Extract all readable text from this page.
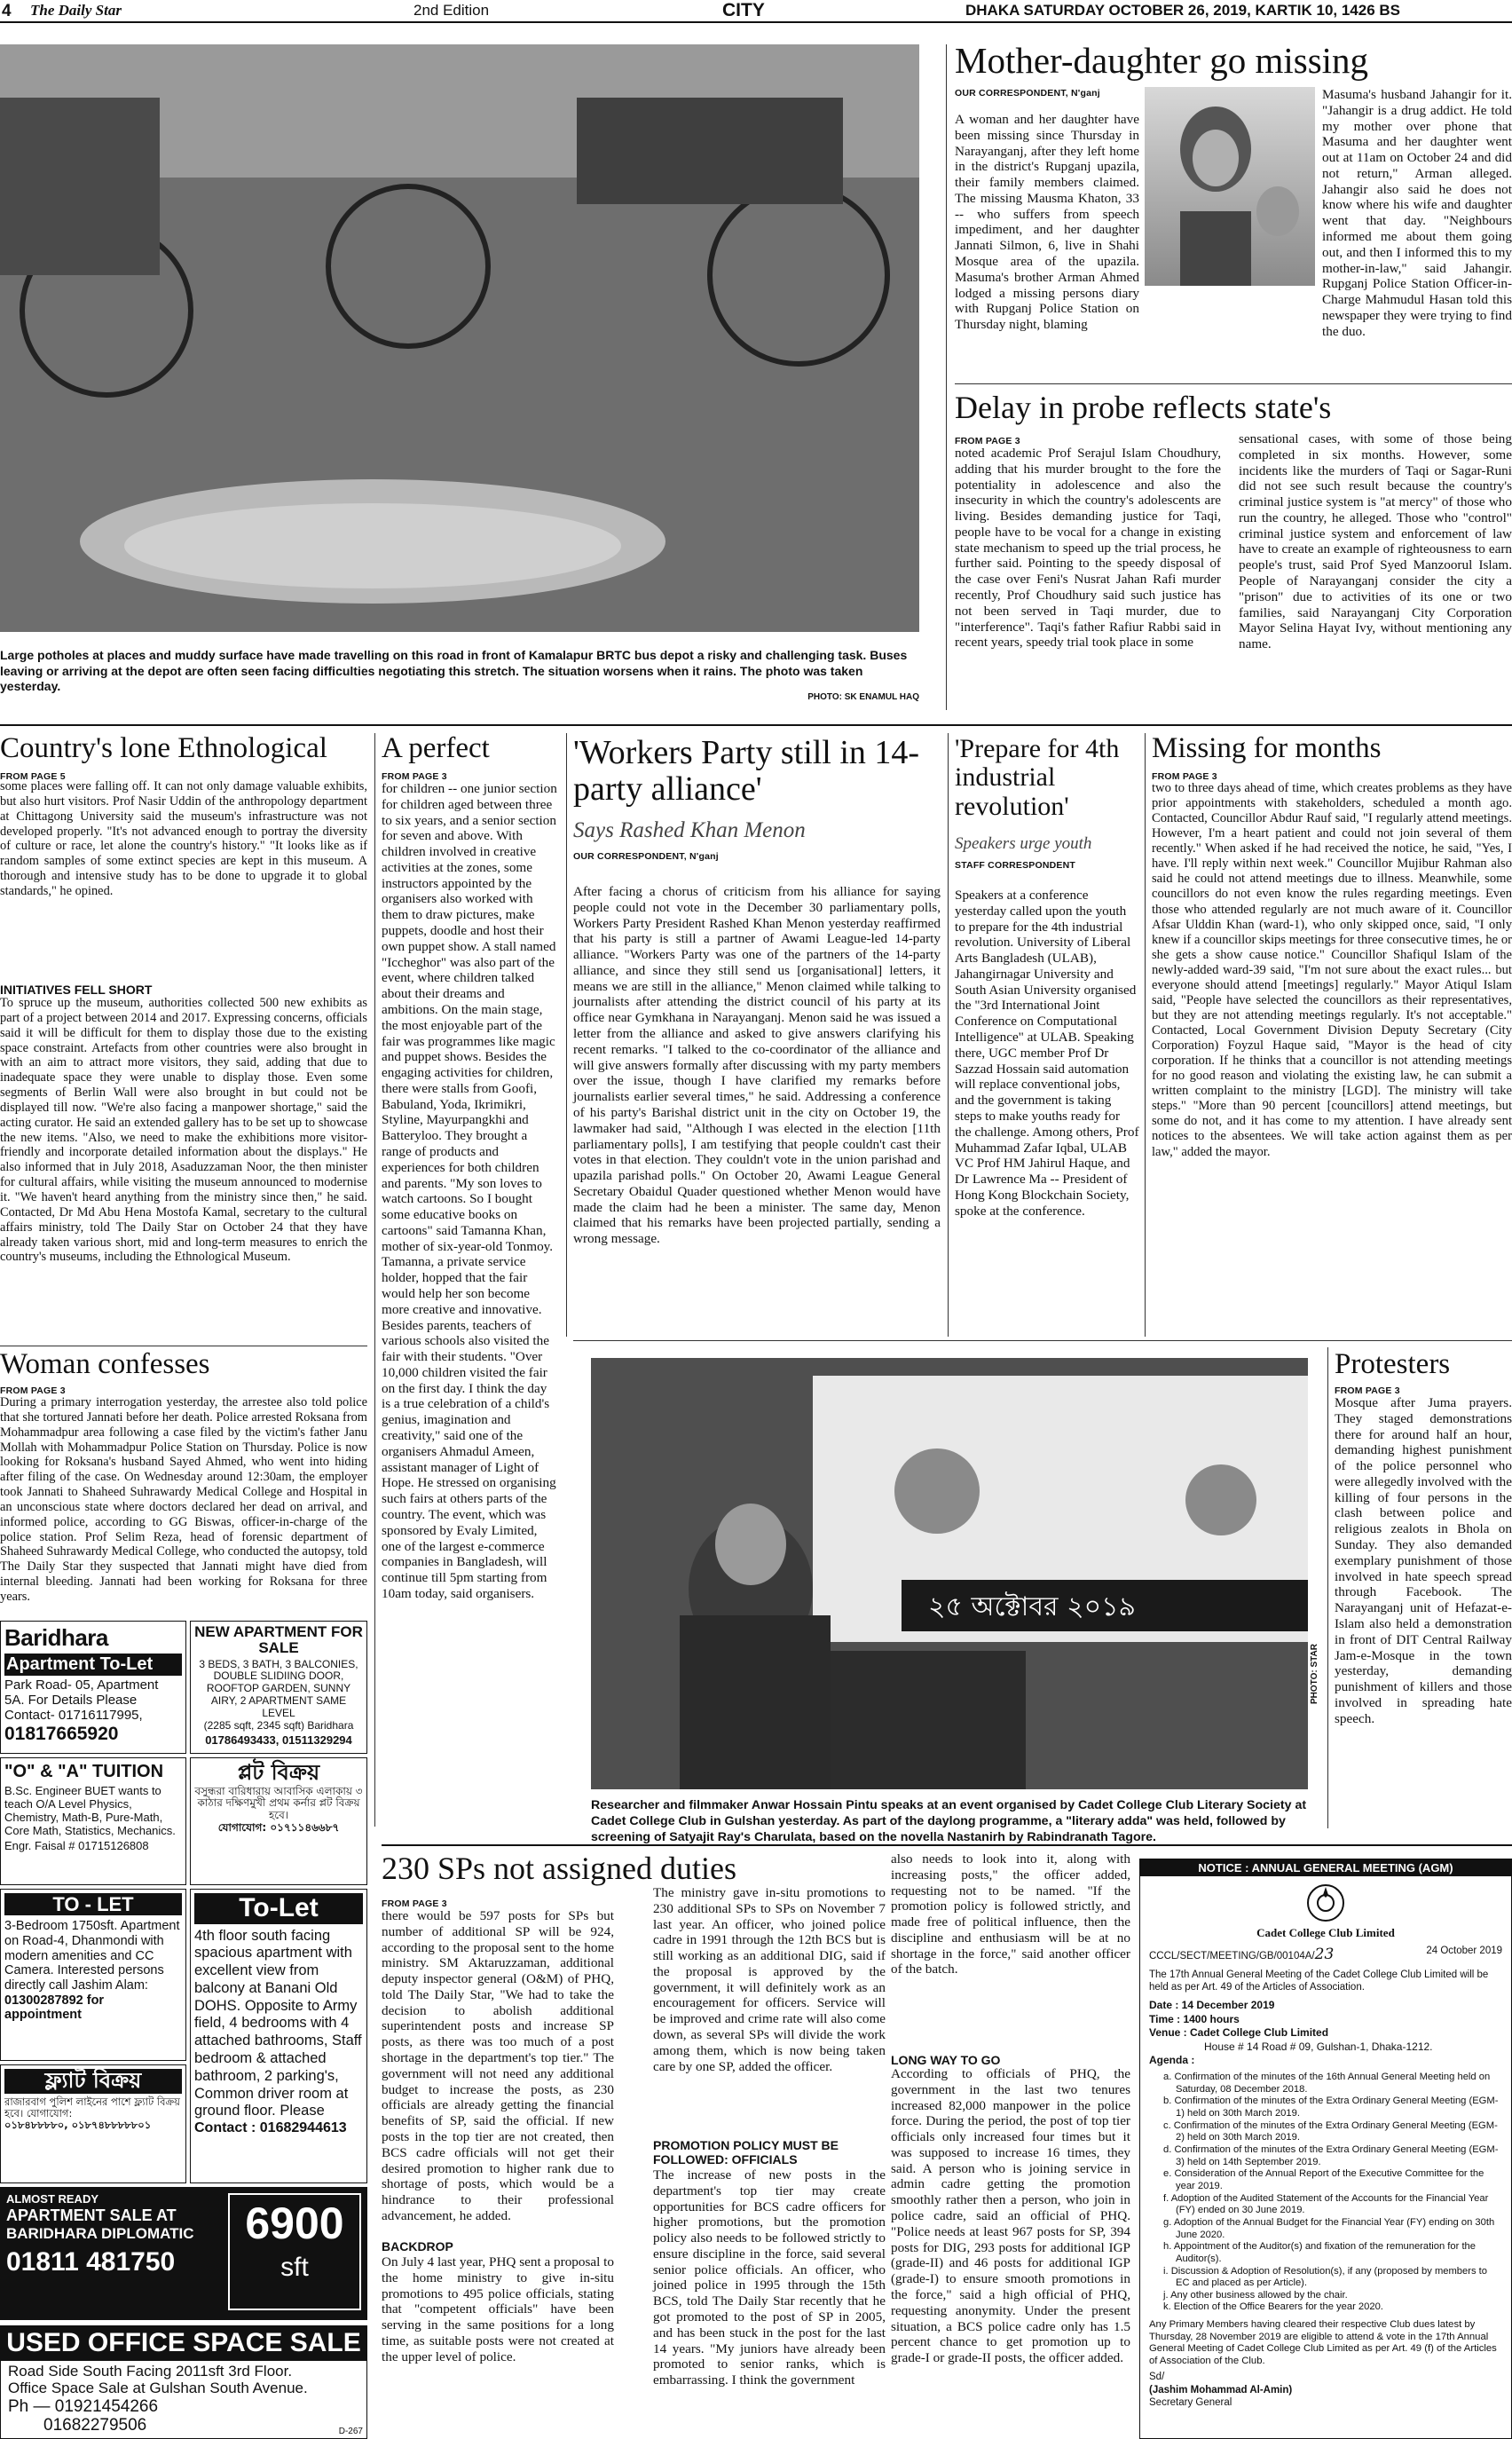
4 The Daily Star	2nd Edition	CITY	DHAKA SATURDAY OCTOBER 26, 2019, KARTIK 10, 1426 BS
Large potholes at places and muddy surface have made travelling on this road in front of Kamalapur BRTC bus depot a risky and challenging task. Buses leaving or arriving at the depot are often seen facing difficulties negotiating this stretch. The situation worsens when it rains. The photo was taken yesterday.
PHOTO: SK ENAMUL HAQ
Mother-daughter go missing
OUR CORRESPONDENT, N'ganj
A woman and her daughter have been missing since Thursday in Narayanganj, after they left home in the district's Rupganj upazila, their family members claimed. The missing Mausma Khaton, 33 -- who suffers from speech impediment, and her daughter Jannati Silmon, 6, live in Shahi Mosque area of the upazila. Masuma's brother Arman Ahmed lodged a missing persons diary with Rupganj Police Station on Thursday night, blaming
Masuma's husband Jahangir for it. "Jahangir is a drug addict. He told my mother over phone that Masuma and her daughter went out at 11am on October 24 and did not return," Arman alleged. Jahangir also said he does not know where his wife and daughter went that day. "Neighbours informed me about them going out, and then I informed this to my mother-in-law," said Jahangir. Rupganj Police Station Officer-in-Charge Mahmudul Hasan told this newspaper they were trying to find the duo.
Delay in probe reflects state's
FROM PAGE 3
noted academic Prof Serajul Islam Choudhury, adding that his murder brought to the fore the potentiality in adolescence and also the insecurity in which the country's adolescents are living. Besides demanding justice for Taqi, people have to be vocal for a change in existing state mechanism to speed up the trial process, he further said. Pointing to the speedy disposal of the case over Feni's Nusrat Jahan Rafi murder recently, Prof Choudhury said such justice has not been served in Taqi murder, due to "interference". Taqi's father Rafiur Rabbi said in recent years, speedy trial took place in some
sensational cases, with some of those being completed in six months. However, some incidents like the murders of Taqi or Sagar-Runi did not see such result because the country's criminal justice system is "at mercy" of those who run the country, he alleged. Those who "control" criminal justice system and enforcement of law have to create an example of righteousness to earn people's trust, said Prof Syed Manzoorul Islam. People of Narayanganj consider the city a "prison" due to activities of its one or two families, said Narayanganj City Corporation Mayor Selina Hayat Ivy, without mentioning any name.
Country's lone Ethnological
FROM PAGE 5
some places were falling off. It can not only damage valuable exhibits, but also hurt visitors. Prof Nasir Uddin of the anthropology department at Chittagong University said the museum's infrastructure was not developed properly. "It's not advanced enough to portray the diversity of culture or race, let alone the country's history." "It looks like as if random samples of some extinct species are kept in this museum. A thorough and intensive study has to be done to upgrade it to global standards," he opined.
INITIATIVES FELL SHORT
To spruce up the museum, authorities collected 500 new exhibits as part of a project between 2014 and 2017. Expressing concerns, officials said it will be difficult for them to display those due to the existing space constraint. Artefacts from other countries were also brought in with an aim to attract more visitors, they said, adding that due to inadequate space they were unable to display those. Even some segments of Berlin Wall were also brought in but could not be displayed till now. "We're also facing a manpower shortage," said the acting curator. He said an extended gallery has to be set up to showcase the new items. "Also, we need to make the exhibitions more visitor-friendly and incorporate detailed information about the displays." He also informed that in July 2018, Asaduzzaman Noor, the then minister for cultural affairs, while visiting the museum announced to modernise it. "We haven't heard anything from the ministry since then," he said. Contacted, Dr Md Abu Hena Mostofa Kamal, secretary to the cultural affairs ministry, told The Daily Star on October 24 that they have already taken various short, mid and long-term measures to enrich the country's museums, including the Ethnological Museum.
Woman confesses
FROM PAGE 3
During a primary interrogation yesterday, the arrestee also told police that she tortured Jannati before her death. Police arrested Roksana from Mohammadpur area following a case filed by the victim's father Janu Mollah with Mohammadpur Police Station on Thursday. Police is now looking for Roksana's husband Sayed Ahmed, who went into hiding after filing of the case. On Wednesday around 12:30am, the employer took Jannati to Shaheed Suhrawardy Medical College and Hospital in an unconscious state where doctors declared her dead on arrival, and informed police, according to GG Biswas, officer-in-charge of the police station. Prof Selim Reza, head of forensic department of Shaheed Suhrawardy Medical College, who conducted the autopsy, told The Daily Star they suspected that Jannati might have died from internal bleeding. Jannati had been working for Roksana for three years.
A perfect
FROM PAGE 3
for children -- one junior section for children aged between three to six years, and a senior section for seven and above. With children involved in creative activities at the zones, some instructors appointed by the organisers also worked with them to draw pictures, make puppets, doodle and host their own puppet show. A stall named "Iccheghor" was also part of the event, where children talked about their dreams and ambitions. On the main stage, the most enjoyable part of the fair was programmes like magic and puppet shows. Besides the engaging activities for children, there were stalls from Goofi, Babuland, Yoda, Ikrimikri, Styline, Mayurpangkhi and Batteryloo. They brought a range of products and experiences for both children and parents. "My son loves to watch cartoons. So I bought some educative books on cartoons" said Tamanna Khan, mother of six-year-old Tonmoy. Tamanna, a private service holder, hopped that the fair would help her son become more creative and innovative. Besides parents, teachers of various schools also visited the fair with their students. "Over 10,000 children visited the fair on the first day. I think the day is a true celebration of a child's genius, imagination and creativity," said one of the organisers Ahmadul Ameen, assistant manager of Light of Hope. He stressed on organising such fairs at others parts of the country. The event, which was sponsored by Evaly Limited, one of the largest e-commerce companies in Bangladesh, will continue till 5pm starting from 10am today, said organisers.
'Workers Party still in 14-party alliance'
Says Rashed Khan Menon
OUR CORRESPONDENT, N'ganj
After facing a chorus of criticism from his alliance for saying people could not vote in the December 30 parliamentary polls, Workers Party President Rashed Khan Menon yesterday reaffirmed that his party is still a partner of Awami League-led 14-party alliance. "Workers Party was one of the partners of the 14-party alliance, and since they still send us [organisational] letters, it means we are still in the alliance," Menon claimed while talking to journalists after attending the district council of his party at its office near Gymkhana in Narayanganj. Menon said he was issued a letter from the alliance and asked to give answers clarifying his recent remarks. "I talked to the co-coordinator of the alliance and will give answers formally after discussing with my party members over the issue, though I have clarified my remarks before journalists earlier several times," he said. Addressing a conference of his party's Barishal district unit in the city on October 19, the lawmaker had said, "Although I was elected in the election [11th parliamentary polls], I am testifying that people couldn't cast their votes in that election. They couldn't vote in the union parishad and upazila parishad polls." On October 20, Awami League General Secretary Obaidul Quader questioned whether Menon would have made the claim had he been a minister. The same day, Menon claimed that his remarks have been projected partially, sending a wrong message.
'Prepare for 4th industrial revolution'
Speakers urge youth
STAFF CORRESPONDENT
Speakers at a conference yesterday called upon the youth to prepare for the 4th industrial revolution. University of Liberal Arts Bangladesh (ULAB), Jahangirnagar University and South Asian University organised the "3rd International Joint Conference on Computational Intelligence" at ULAB. Speaking there, UGC member Prof Dr Sazzad Hossain said automation will replace conventional jobs, and the government is taking steps to make youths ready for the challenge. Among others, Prof Muhammad Zafar Iqbal, ULAB VC Prof HM Jahirul Haque, and Dr Lawrence Ma -- President of Hong Kong Blockchain Society, spoke at the conference.
Missing for months
FROM PAGE 3
two to three days ahead of time, which creates problems as they have prior appointments with stakeholders, scheduled a month ago. Contacted, Councillor Abdur Rauf said, "I regularly attend meetings. However, I'm a heart patient and could not join several of them recently." When asked if he had received the notice, he said, "Yes, I have. I'll reply within next week." Councillor Mujibur Rahman also said he could not attend meetings due to illness. Meanwhile, some councillors do not even know the rules regarding meetings. Even those who attended regularly are not much aware of it. Councillor Afsar Ulddin Khan (ward-1), who only skipped once, said, "I only knew if a councillor skips meetings for three consecutive times, he or she gets a show cause notice." Councillor Shafiqul Islam of the newly-added ward-39 said, "I'm not sure about the exact rules... but everyone should attend [meetings] regularly." Mayor Atiqul Islam said, "People have selected the councillors as their representatives, but they are not attending meetings regularly. It's not acceptable." Contacted, Local Government Division Deputy Secretary (City Corporation) Foyzul Haque said, "Mayor is the head of city corporation. If he thinks that a councillor is not attending meetings for no good reason and violating the existing law, he can submit a written complaint to the ministry [LGD]. The ministry will take steps." "More than 90 percent [councillors] attend meetings, but some do not, and it has come to my attention. I have already sent notices to the absentees. We will take action against them as per law," added the mayor.
২৫ অক্টোবর ২০১৯
PHOTO: STAR
Researcher and filmmaker Anwar Hossain Pintu speaks at an event organised by Cadet College Club Literary Society at Cadet College Club in Gulshan yesterday. As part of the daylong programme, a "literary adda" was held, followed by screening of Satyajit Ray's Charulata, based on the novella Nastanirh by Rabindranath Tagore.
Protesters
FROM PAGE 3
Mosque after Juma prayers. They staged demonstrations there for around half an hour, demanding highest punishment of the police personnel who were allegedly involved with the killing of four persons in the clash between police and religious zealots in Bhola on Sunday. They also demanded exemplary punishment of those involved in hate speech spread through Facebook. The Narayanganj unit of Hefazat-e-Islam also held a demonstration in front of DIT Central Railway Jam-e-Mosque in the town yesterday, demanding punishment of killers and those involved in spreading hate speech.
230 SPs not assigned duties
FROM PAGE 3
there would be 597 posts for SPs but number of additional SP will be 924, according to the proposal sent to the home ministry. SM Aktaruzzaman, additional deputy inspector general (O&M) of PHQ, told The Daily Star, "We had to take the decision to abolish additional superintendent posts and increase SP posts, as there was too much of a post shortage in the department's top tier." The government will not need any additional budget to increase the posts, as 230 officials are already getting the financial benefits of SP, said the official. If new posts in the top tier are not created, then BCS cadre officials will not get their desired promotion to higher rank due to shortage of posts, which would be a hindrance to their professional advancement, he added.
BACKDROP
On July 4 last year, PHQ sent a proposal to the home ministry to give in-situ promotions to 495 police officials, stating that "competent officials" have been serving in the same positions for a long time, as suitable posts were not created at the upper level of police.
The ministry gave in-situ promotions to 230 additional SPs to SPs on November 7 last year. An officer, who joined police cadre in 1991 through the 12th BCS but is still working as an additional DIG, said if the proposal is approved by the government, it will definitely work as an encouragement for officers. Service will be improved and crime rate will also come down, as several SPs will divide the work among them, which is now being taken care by one SP, added the officer.
PROMOTION POLICY MUST BE FOLLOWED: OFFICIALS
The increase of new posts in the department's top tier may create opportunities for BCS cadre officers for higher promotions, but the promotion policy also needs to be followed strictly to ensure discipline in the force, said several senior police officials. An officer, who joined police in 1995 through the 15th BCS, told The Daily Star recently that he got promoted to the post of SP in 2005, and has been stuck in the post for the last 14 years. "My juniors have already been promoted to senior ranks, which is embarrassing. I think the government
also needs to look into it, along with increasing posts," the officer added, requesting not to be named. "If the promotion policy is followed strictly, and made free of political influence, then the discipline and enthusiasm will be at no shortage in the force," said another officer of the batch.
LONG WAY TO GO
According to officials of PHQ, the government in the last two tenures increased 82,000 manpower in the police force. During the period, the post of top tier officials only increased four times but it was supposed to increase 16 times, they said. A person who is joining service in admin cadre getting the promotion smoothly rather then a person, who join in police cadre, said an official of PHQ. "Police needs at least 967 posts for SP, 394 posts for DIG, 293 posts for additional IGP (grade-II) and 46 posts for additional IGP (grade-I) to ensure smooth promotions in the force," said a high official of PHQ, requesting anonymity. Under the present situation, a BCS police cadre only has 1.5 percent chance to get promotion up to grade-I or grade-II posts, the officer added.
NOTICE : ANNUAL GENERAL MEETING (AGM)
Cadet College Club Limited
CCCL/SECT/MEETING/GB/00104A/23	24 October 2019
The 17th Annual General Meeting of the Cadet College Club Limited will be held as per Art. 49 of the Articles of Association.
Date : 14 December 2019
Time : 1400 hours
Venue : Cadet College Club Limited
House # 14 Road # 09, Gulshan-1, Dhaka-1212.
Agenda :
a. Confirmation of the minutes of the 16th Annual General Meeting held on Saturday, 08 December 2018.
b. Confirmation of the minutes of the Extra Ordinary General Meeting (EGM-1) held on 30th March 2019.
c. Confirmation of the minutes of the Extra Ordinary General Meeting (EGM-2) held on 30th March 2019.
d. Confirmation of the minutes of the Extra Ordinary General Meeting (EGM-3) held on 14th September 2019.
e. Consideration of the Annual Report of the Executive Committee for the year 2019.
f. Adoption of the Audited Statement of the Accounts for the Financial Year (FY) ended on 30 June 2019.
g. Adoption of the Annual Budget for the Financial Year (FY) ending on 30th June 2020.
h. Appointment of the Auditor(s) and fixation of the remuneration for the Auditor(s).
i. Discussion & Adoption of Resolution(s), if any (proposed by members to EC and placed as per Article).
j. Any other business allowed by the chair.
k. Election of the Office Bearers for the year 2020.
Any Primary Members having cleared their respective Club dues latest by Thursday, 28 November 2019 are eligible to attend & vote in the 17th Annual General Meeting of Cadet College Club Limited as per Art. 49 (f) of the Articles of Association of the Club.
Sd/
(Jashim Mohammad Al-Amin)
Secretary General
Baridhara
Apartment To-Let
Park Road- 05, Apartment
5A. For Details Please
Contact- 01716117995,
01817665920
NEW APARTMENT FOR SALE
3 BEDS, 3 BATH, 3 BALCONIES, DOUBLE SLIDIING DOOR, ROOFTOP GARDEN, SUNNY AIRY, 2 APARTMENT SAME LEVEL
(2285 sqft, 2345 sqft) Baridhara
01786493433, 01511329294
"O" & "A" TUITION
B.Sc. Engineer BUET wants to teach O/A Level Physics, Chemistry, Math-B, Pure-Math, Core Math, Statistics, Mechanics.
Engr. Faisal # 01715126808
প্লট বিক্রয়
বসুন্ধরা বারিধারায় আবাসিক এলাকায় ৩ কাঠার দক্ষিণমুখী প্রথম কর্নার প্লট বিক্রয় হবে।
যোগাযোগ: ০১৭১১৪৬৬৮৭
TO - LET
3-Bedroom 1750sft. Apartment on Road-4, Dhanmondi with modern amenities and CC Camera. Interested persons directly call Jashim Alam:
01300287892 for appointment
To-Let
4th floor south facing spacious apartment with excellent view from balcony at Banani Old DOHS. Opposite to Army field, 4 bedrooms with 4 attached bathrooms, Staff bedroom & attached bathroom, 2 parking's, Common driver room at ground floor. Please
Contact : 01682944613
ফ্ল্যাট বিক্রয়
রাজারবাগ পুলিশ লাইনের পাশে ফ্ল্যাট বিক্রয় হবে। যোগাযোগ:
০১৮৪৮৮৮৮০, ০১৮৭৪৮৮৮৮৮০১
ALMOST READY
APARTMENT SALE AT
BARIDHARA DIPLOMATIC
01811 481750
6900
sft
USED OFFICE SPACE SALE
Road Side South Facing 2011sft 3rd Floor.
Office Space Sale at Gulshan South Avenue.
Ph — 01921454266
01682279506	D-267
